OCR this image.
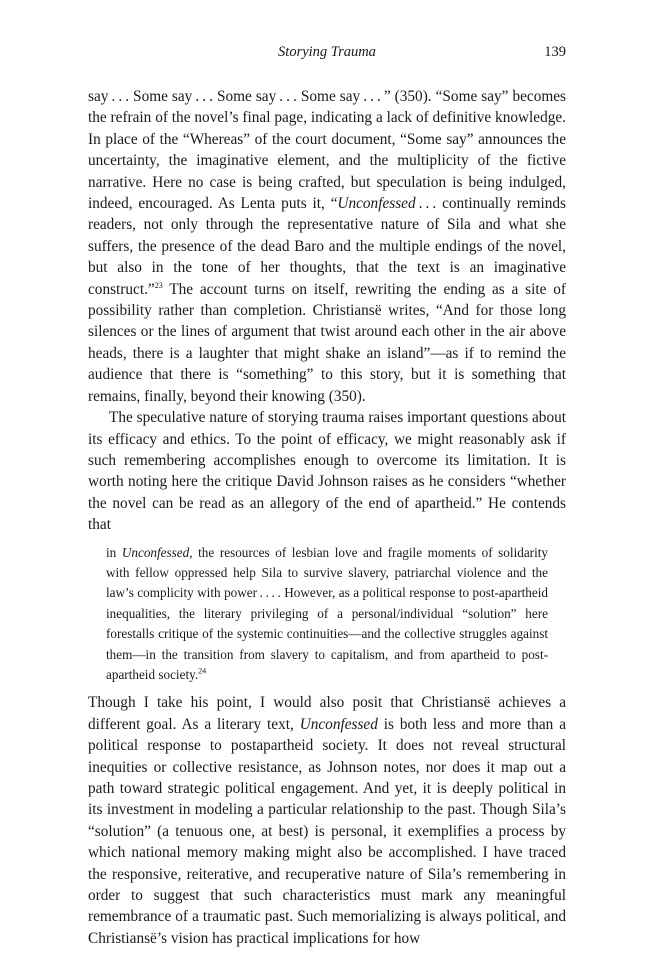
Storying Trauma	139

say . . . Some say . . . Some say . . . Some say . . . ” (350). “Some say” becomes the refrain of the novel’s final page, indicating a lack of definitive knowledge. In place of the “Whereas” of the court document, “Some say” announces the uncertainty, the imaginative element, and the multiplicity of the fictive narrative. Here no case is being crafted, but speculation is being indulged, indeed, encouraged. As Lenta puts it, “Unconfessed . . . continually reminds readers, not only through the representative nature of Sila and what she suffers, the presence of the dead Baro and the multiple endings of the novel, but also in the tone of her thoughts, that the text is an imaginative construct.”$^{23}$ The account turns on itself, rewriting the ending as a site of possibility rather than completion. Christiansë writes, “And for those long silences or the lines of argument that twist around each other in the air above heads, there is a laughter that might shake an island”—as if to remind the audience that there is “something” to this story, but it is something that remains, finally, beyond their knowing (350).

The speculative nature of storying trauma raises important questions about its efficacy and ethics. To the point of efficacy, we might reasonably ask if such remembering accomplishes enough to overcome its limitation. It is worth noting here the critique David Johnson raises as he considers “whether the novel can be read as an allegory of the end of apartheid.” He contends that

in Unconfessed, the resources of lesbian love and fragile moments of solidarity with fellow oppressed help Sila to survive slavery, patriarchal violence and the law’s complicity with power . . . . However, as a political response to post-apartheid inequalities, the literary privileging of a personal/individual “solution” here forestalls critique of the systemic continuities—and the collective struggles against them—in the transition from slavery to capitalism, and from apartheid to post-apartheid society.$^{24}$

Though I take his point, I would also posit that Christiansë achieves a different goal. As a literary text, Unconfessed is both less and more than a political response to postapartheid society. It does not reveal structural inequities or collective resistance, as Johnson notes, nor does it map out a path toward strategic political engagement. And yet, it is deeply political in its investment in modeling a particular relationship to the past. Though Sila’s “solution” (a tenuous one, at best) is personal, it exemplifies a process by which national memory making might also be accomplished. I have traced the responsive, reiterative, and recuperative nature of Sila’s remembering in order to suggest that such characteristics must mark any meaningful remembrance of a traumatic past. Such memorializing is always political, and Christiansë’s vision has practical implications for how
